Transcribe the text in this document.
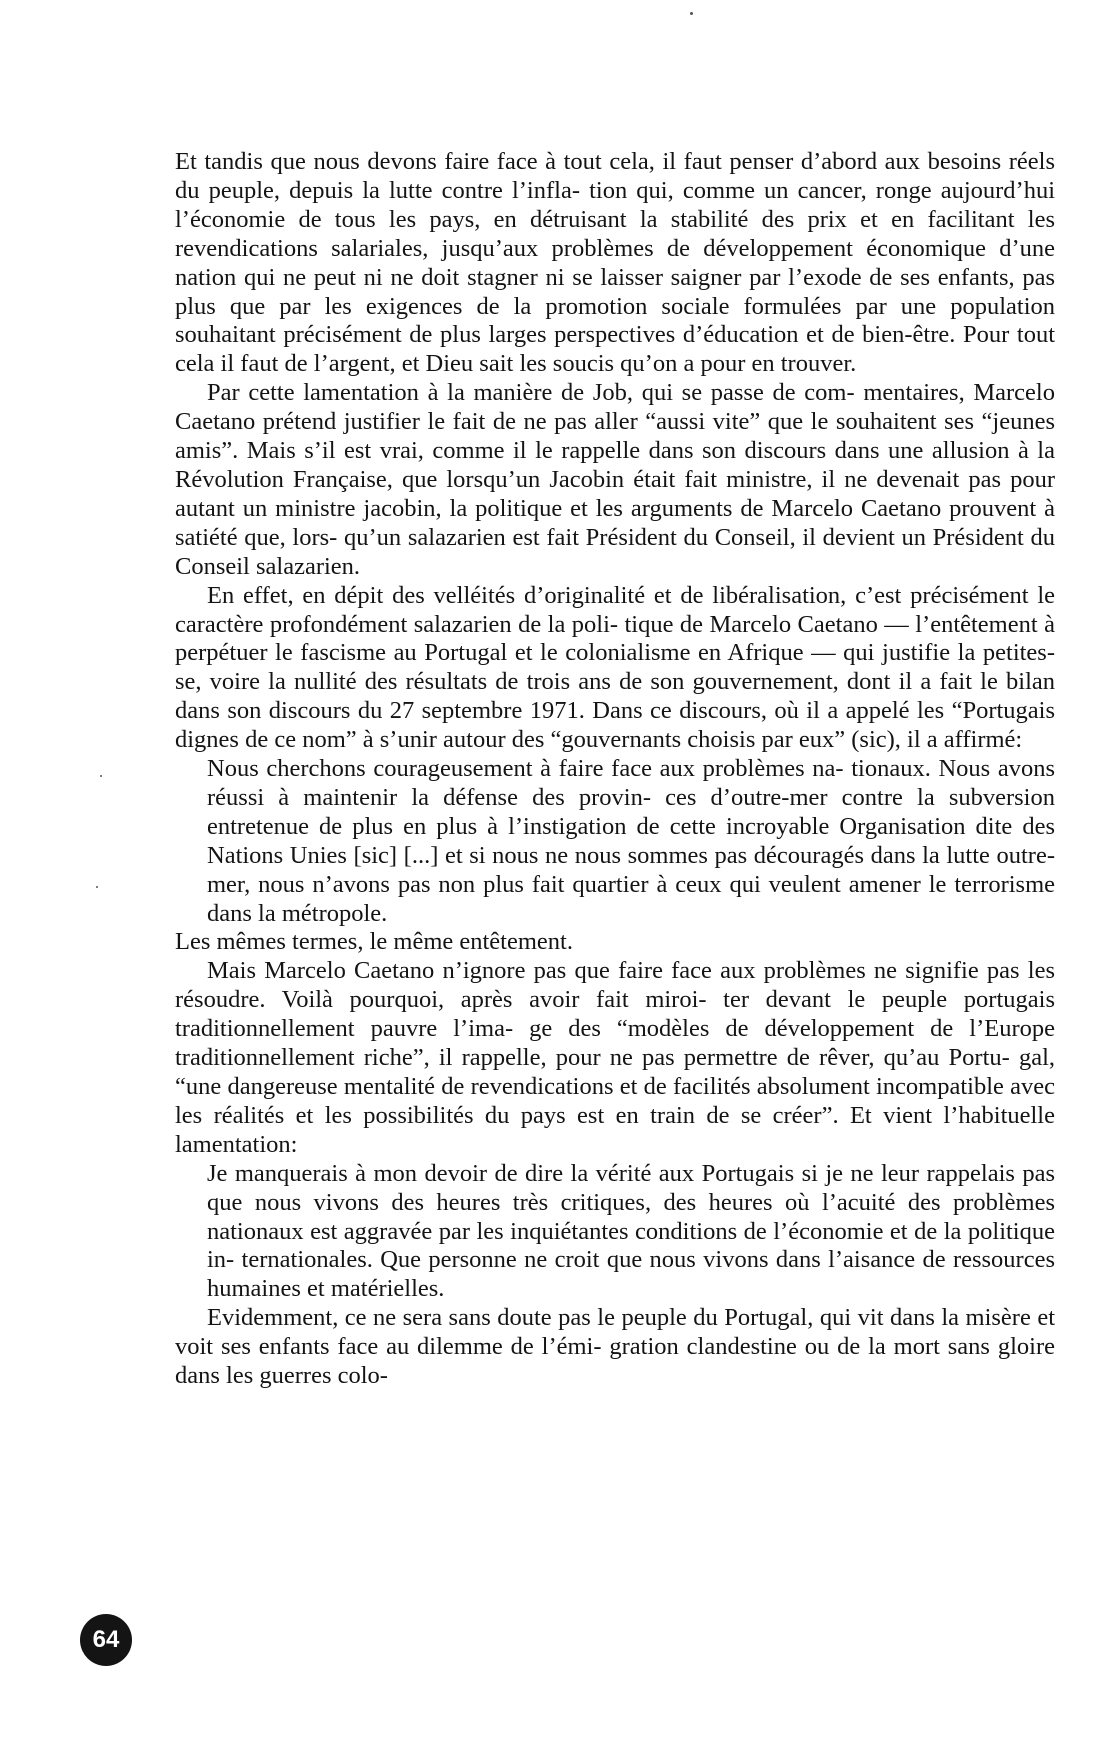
Et tandis que nous devons faire face à tout cela, il faut penser d’abord aux besoins réels du peuple, depuis la lutte contre l’infla- tion qui, comme un cancer, ronge aujourd’hui l’économie de tous les pays, en détruisant la stabilité des prix et en facilitant les revendications salariales, jusqu’aux problèmes de développement économique d’une nation qui ne peut ni ne doit stagner ni se laisser saigner par l’exode de ses enfants, pas plus que par les exigences de la promotion sociale formulées par une population souhaitant précisément de plus larges perspectives d’éducation et de bien-être. Pour tout cela il faut de l’argent, et Dieu sait les soucis qu’on a pour en trouver.

Par cette lamentation à la manière de Job, qui se passe de com- mentaires, Marcelo Caetano prétend justifier le fait de ne pas aller “aussi vite” que le souhaitent ses “jeunes amis”. Mais s’il est vrai, comme il le rappelle dans son discours dans une allusion à la Révolution Française, que lorsqu’un Jacobin était fait ministre, il ne devenait pas pour autant un ministre jacobin, la politique et les arguments de Marcelo Caetano prouvent à satiété que, lors- qu’un salazarien est fait Président du Conseil, il devient un Président du Conseil salazarien.

En effet, en dépit des velléités d’originalité et de libéralisation, c’est précisément le caractère profondément salazarien de la poli- tique de Marcelo Caetano — l’entêtement à perpétuer le fascisme au Portugal et le colonialisme en Afrique — qui justifie la petites- se, voire la nullité des résultats de trois ans de son gouvernement, dont il a fait le bilan dans son discours du 27 septembre 1971. Dans ce discours, où il a appelé les “Portugais dignes de ce nom” à s’unir autour des “gouvernants choisis par eux” (sic), il a affirmé:

Nous cherchons courageusement à faire face aux problèmes na- tionaux. Nous avons réussi à maintenir la défense des provin- ces d’outre-mer contre la subversion entretenue de plus en plus à l’instigation de cette incroyable Organisation dite des Nations Unies [sic] [...] et si nous ne nous sommes pas découragés dans la lutte outre-mer, nous n’avons pas non plus fait quartier à ceux qui veulent amener le terrorisme dans la métropole.

Les mêmes termes, le même entêtement.

Mais Marcelo Caetano n’ignore pas que faire face aux problèmes ne signifie pas les résoudre. Voilà pourquoi, après avoir fait miroi- ter devant le peuple portugais traditionnellement pauvre l’ima- ge des “modèles de développement de l’Europe traditionnellement riche”, il rappelle, pour ne pas permettre de rêver, qu’au Portu- gal, “une dangereuse mentalité de revendications et de facilités absolument incompatible avec les réalités et les possibilités du pays est en train de se créer”. Et vient l’habituelle lamentation:

Je manquerais à mon devoir de dire la vérité aux Portugais si je ne leur rappelais pas que nous vivons des heures très critiques, des heures où l’acuité des problèmes nationaux est aggravée par les inquiétantes conditions de l’économie et de la politique in- ternationales. Que personne ne croit que nous vivons dans l’aisance de ressources humaines et matérielles.

Evidemment, ce ne sera sans doute pas le peuple du Portugal, qui vit dans la misère et voit ses enfants face au dilemme de l’émi- gration clandestine ou de la mort sans gloire dans les guerres colo-

64
